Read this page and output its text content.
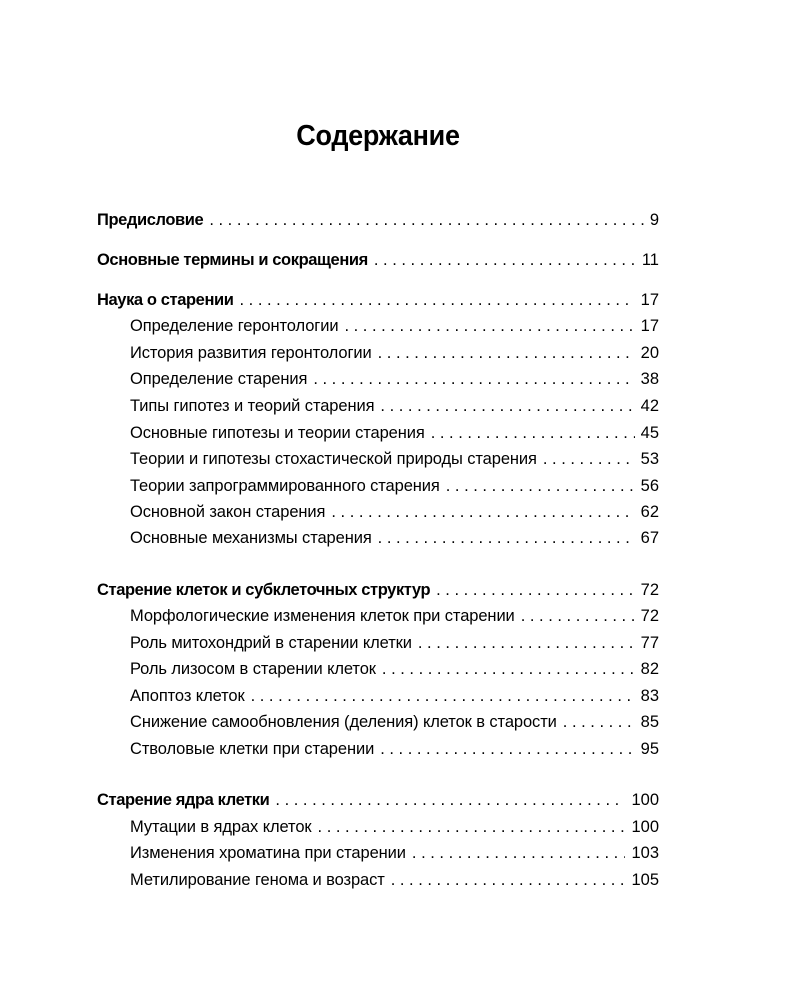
Содержание
Предисловие . . .	9
Основные термины и сокращения . . .	11
Наука о старении . . .	17
Определение геронтологии . . .	17
История развития геронтологии . . .	20
Определение старения . . .	38
Типы гипотез и теорий старения . . .	42
Основные гипотезы и теории старения . . .	45
Теории и гипотезы стохастической природы старения . . .	53
Теории запрограммированного старения . . .	56
Основной закон старения . . .	62
Основные механизмы старения . . .	67
Старение клеток и субклеточных структур . . .	72
Морфологические изменения клеток при старении . . .	72
Роль митохондрий в старении клетки . . .	77
Роль лизосом в старении клеток . . .	82
Апоптоз клеток . . .	83
Снижение самообновления (деления) клеток в старости . . .	85
Стволовые клетки при старении . . .	95
Старение ядра клетки . . .	100
Мутации в ядрах клеток . . .	100
Изменения хроматина при старении . . .	103
Метилирование генома и возраст . . .	105
